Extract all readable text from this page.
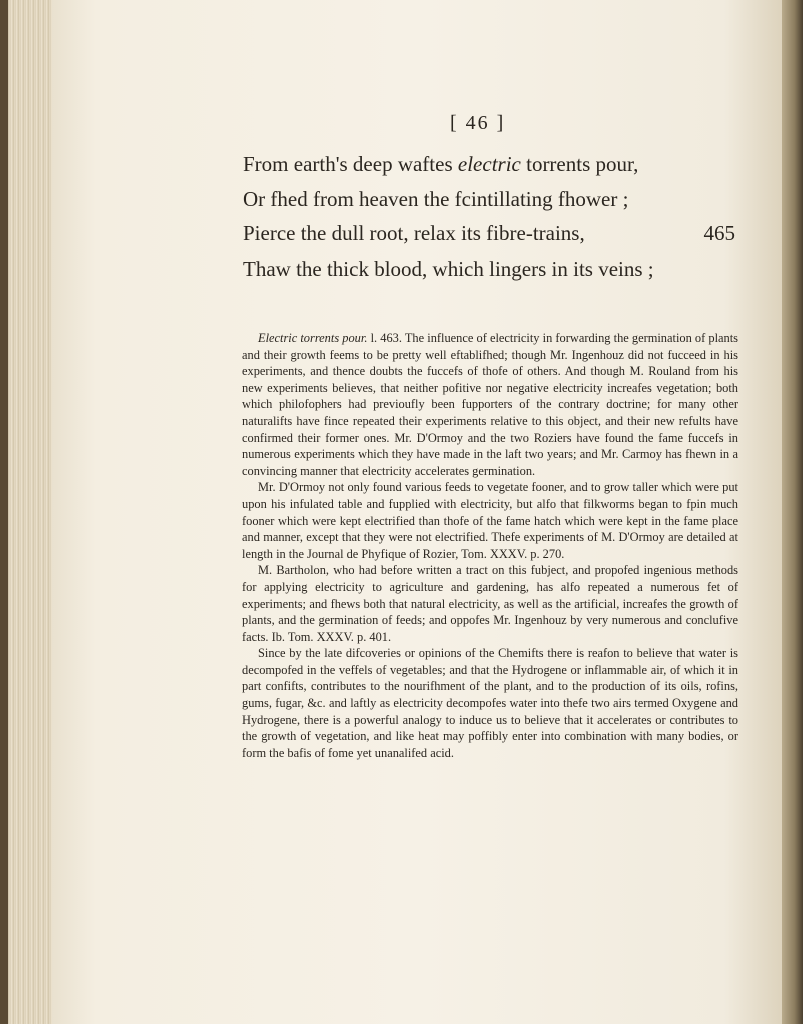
[ 46 ]
From earth's deep waftes electric torrents pour,
Or fhed from heaven the fcintillating fhower ;
Pierce the dull root, relax its fibre-trains,	465
Thaw the thick blood, which lingers in its veins ;

Electric torrents pour. l. 463. The influence of electricity in forwarding the germination of plants and their growth feems to be pretty well eftablifhed; though Mr. Ingenhouz did not fucceed in his experiments, and thence doubts the fuccefs of thofe of others. And though M. Rouland from his new experiments believes, that neither pofitive nor negative electricity increafes vegetation; both which philofophers had previoufly been fupporters of the contrary doctrine; for many other naturalifts have fince repeated their experiments relative to this object, and their new refults have confirmed their former ones. Mr. D'Ormoy and the two Roziers have found the fame fuccefs in numerous experiments which they have made in the laft two years; and Mr. Carmoy has fhewn in a convincing manner that electricity accelerates germination.

Mr. D'Ormoy not only found various feeds to vegetate fooner, and to grow taller which were put upon his infulated table and fupplied with electricity, but alfo that filkworms began to fpin much fooner which were kept electrified than thofe of the fame hatch which were kept in the fame place and manner, except that they were not electrified. Thefe experiments of M. D'Ormoy are detailed at length in the Journal de Phyfique of Rozier, Tom. XXXV. p. 270.

M. Bartholon, who had before written a tract on this fubject, and propofed ingenious methods for applying electricity to agriculture and gardening, has alfo repeated a numerous fet of experiments; and fhews both that natural electricity, as well as the artificial, increafes the growth of plants, and the germination of feeds; and oppofes Mr. Ingenhouz by very numerous and conclufive facts. Ib. Tom. XXXV. p. 401.

Since by the late difcoveries or opinions of the Chemifts there is reafon to believe that water is decompofed in the veffels of vegetables; and that the Hydrogene or inflammable air, of which it in part confifts, contributes to the nourifhment of the plant, and to the production of its oils, rofins, gums, fugar, &c. and laftly as electricity decompofes water into thefe two airs termed Oxygene and Hydrogene, there is a powerful analogy to induce us to believe that it accelerates or contributes to the growth of vegetation, and like heat may poffibly enter into combination with many bodies, or form the bafis of fome yet unanalifed acid.
